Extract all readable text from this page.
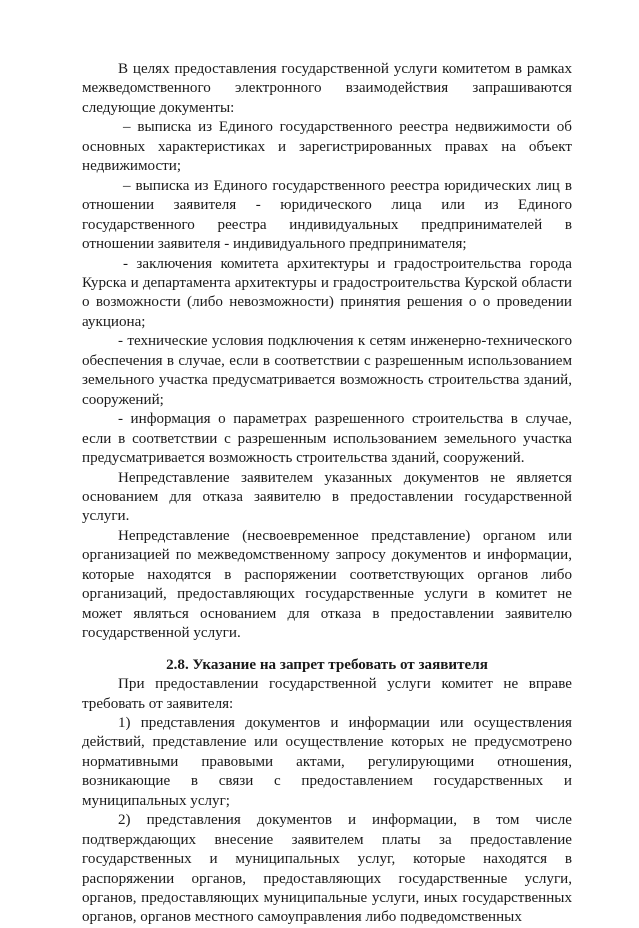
В целях предоставления государственной услуги комитетом в рамках межведомственного электронного взаимодействия запрашиваются следующие документы:

– выписка из Единого государственного реестра недвижимости об основных характеристиках и зарегистрированных правах на объект недвижимости;

– выписка из Единого государственного реестра юридических лиц в отношении заявителя - юридического лица или из Единого государственного реестра индивидуальных предпринимателей в отношении заявителя - индивидуального предпринимателя;

- заключения комитета архитектуры и градостроительства города Курска и департамента архитектуры и градостроительства Курской области о возможности (либо невозможности) принятия решения о о проведении аукциона;

- технические условия подключения к сетям инженерно-технического обеспечения в случае, если в соответствии с разрешенным использованием земельного участка предусматривается возможность строительства зданий, сооружений;

- информация о параметрах разрешенного строительства в случае, если в соответствии с разрешенным использованием земельного участка предусматривается возможность строительства зданий, сооружений.

Непредставление заявителем указанных документов не является основанием для отказа заявителю в предоставлении государственной услуги.

Непредставление (несвоевременное представление) органом или организацией по межведомственному запросу документов и информации, которые находятся в распоряжении соответствующих органов либо организаций, предоставляющих государственные услуги в комитет не может являться основанием для отказа в предоставлении заявителю государственной услуги.

2.8. Указание на запрет требовать от заявителя

При предоставлении государственной услуги комитет не вправе требовать от заявителя:

1) представления документов и информации или осуществления действий, представление или осуществление которых не предусмотрено нормативными правовыми актами, регулирующими отношения, возникающие в связи с предоставлением государственных и муниципальных услуг;

2) представления документов и информации, в том числе подтверждающих внесение заявителем платы за предоставление государственных и муниципальных услуг, которые находятся в распоряжении органов, предоставляющих государственные услуги, органов, предоставляющих муниципальные услуги, иных государственных органов, органов местного самоуправления либо подведомственных
